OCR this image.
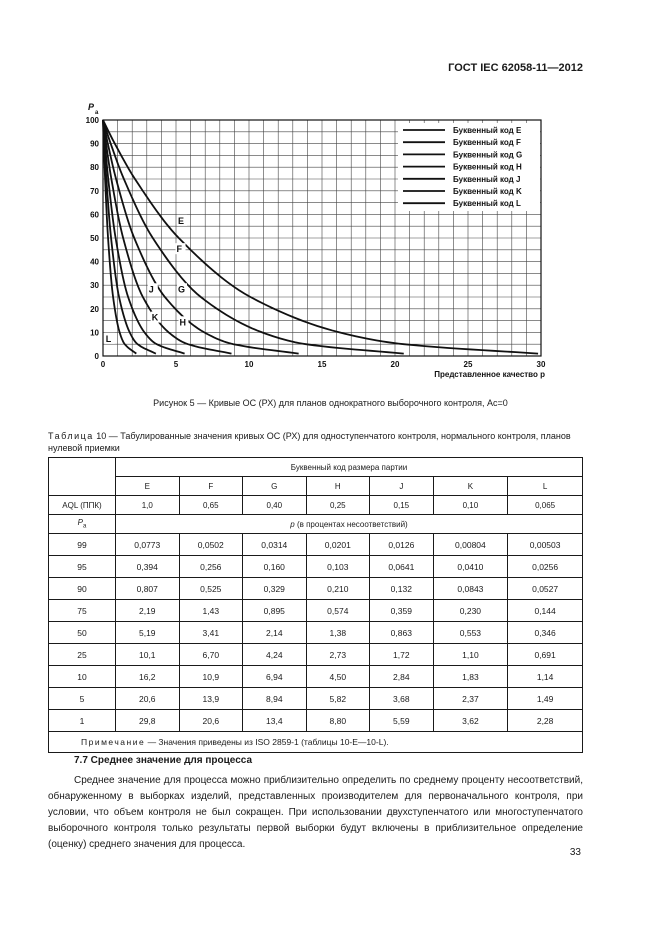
ГОСТ IEC 62058-11—2012
Буквенный код E
Буквенный код F
Буквенный код G
Буквенный код H
Буквенный код J
Буквенный код K
Буквенный код L
E
F
G
H
J
K
L
0
10
20
30
40
50
60
70
80
90
100
0	5	10	15	20	25	30
P
a
Представленное качество p
Рисунок 5 — Кривые ОС (РХ) для планов однократного выборочного контроля, Ас=0
Таблица 10 — Табулированные значения кривых ОС (РХ) для одноступенчатого контроля, нормального контроля, планов нулевой приемки
	Буквенный код размера партии						
	E	F	G	H	J	K	L
AQL (ППК)	1,0	0,65	0,40	0,25	0,15	0,10	0,065
$P_a$	p (в процентах несоответствий)						
99	0,0773	0,0502	0,0314	0,0201	0,0126	0,00804	0,00503
95	0,394	0,256	0,160	0,103	0,0641	0,0410	0,0256
90	0,807	0,525	0,329	0,210	0,132	0,0843	0,0527
75	2,19	1,43	0,895	0,574	0,359	0,230	0,144
50	5,19	3,41	2,14	1,38	0,863	0,553	0,346
25	10,1	6,70	4,24	2,73	1,72	1,10	0,691
10	16,2	10,9	6,94	4,50	2,84	1,83	1,14
5	20,6	13,9	8,94	5,82	3,68	2,37	1,49
1	29,8	20,6	13,4	8,80	5,59	3,62	2,28
Примечание — Значения приведены из ISO 2859-1 (таблицы 10-Е—10-L).							
7.7 Среднее значение для процесса
Среднее значение для процесса можно приблизительно определить по среднему проценту несоответствий, обнаруженному в выборках изделий, представленных производителем для первоначального контроля, при условии, что объем контроля не был сокращен. При использовании двухступенчатого или многоступенчатого выборочного контроля только результаты первой выборки будут включены в приблизительное определение (оценку) среднего значения для процесса.
33
